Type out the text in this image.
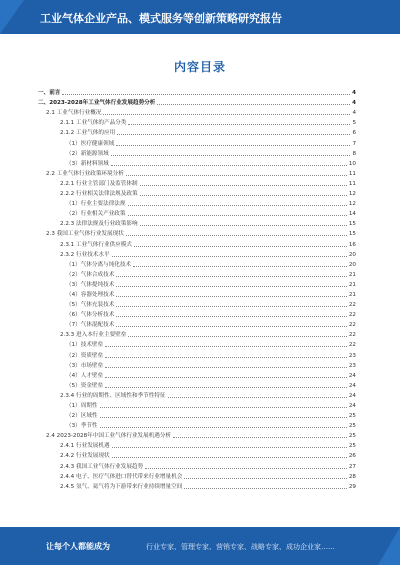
工业气体企业产品、模式服务等创新策略研究报告
内容目录
一、前言	4
二、2023-2028年工业气体行业发展趋势分析	4
2.1 工业气体行业概况	4
2.1.1 工业气体的产品分类	5
2.1.2 工业气体的应用	6
（1）医疗健康领域	7
（2）新能源领域	8
（3）新材料领域	10
2.2 工业气体行业政策环境分析	11
2.2.1 行业主管部门及监管体制	11
2.2.2 行业相关法律法规及政策	12
（1）行业主要法律法规	12
（2）行业相关产业政策	14
2.2.3 法律法规及行业政策影响	15
2.3 我国工业气体行业发展现状	15
2.3.1 工业气体行业供应模式	16
2.3.2 行业技术水平	20
（1）气体分离与纯化技术	20
（2）气体合成技术	21
（3）气体提纯技术	21
（4）容器处理技术	21
（5）气体充装技术	22
（6）气体分析技术	22
（7）气体混配技术	22
2.3.3 进入本行业主要壁垒	22
（1）技术壁垒	22
（2）资质壁垒	23
（3）市场壁垒	23
（4）人才壁垒	24
（5）资金壁垒	24
2.3.4 行业的周期性、区域性和季节性特征	24
（1）周期性	24
（2）区域性	25
（3）季节性	25
2.4 2023-2028年中国工业气体行业发展机遇分析	25
2.4.1 行业发展机遇	25
2.4.2 行业发展现状	26
2.4.3 我国工业气体行业发展趋势	27
2.4.4 电子、医疗气体进口替代带来行业增量机会	28
2.4.5 氢气、氦气将为下游带来行业持续增量空间	29
让每个人都能成为	行业专家、管理专家、营销专家、战略专家、成功企业家……
